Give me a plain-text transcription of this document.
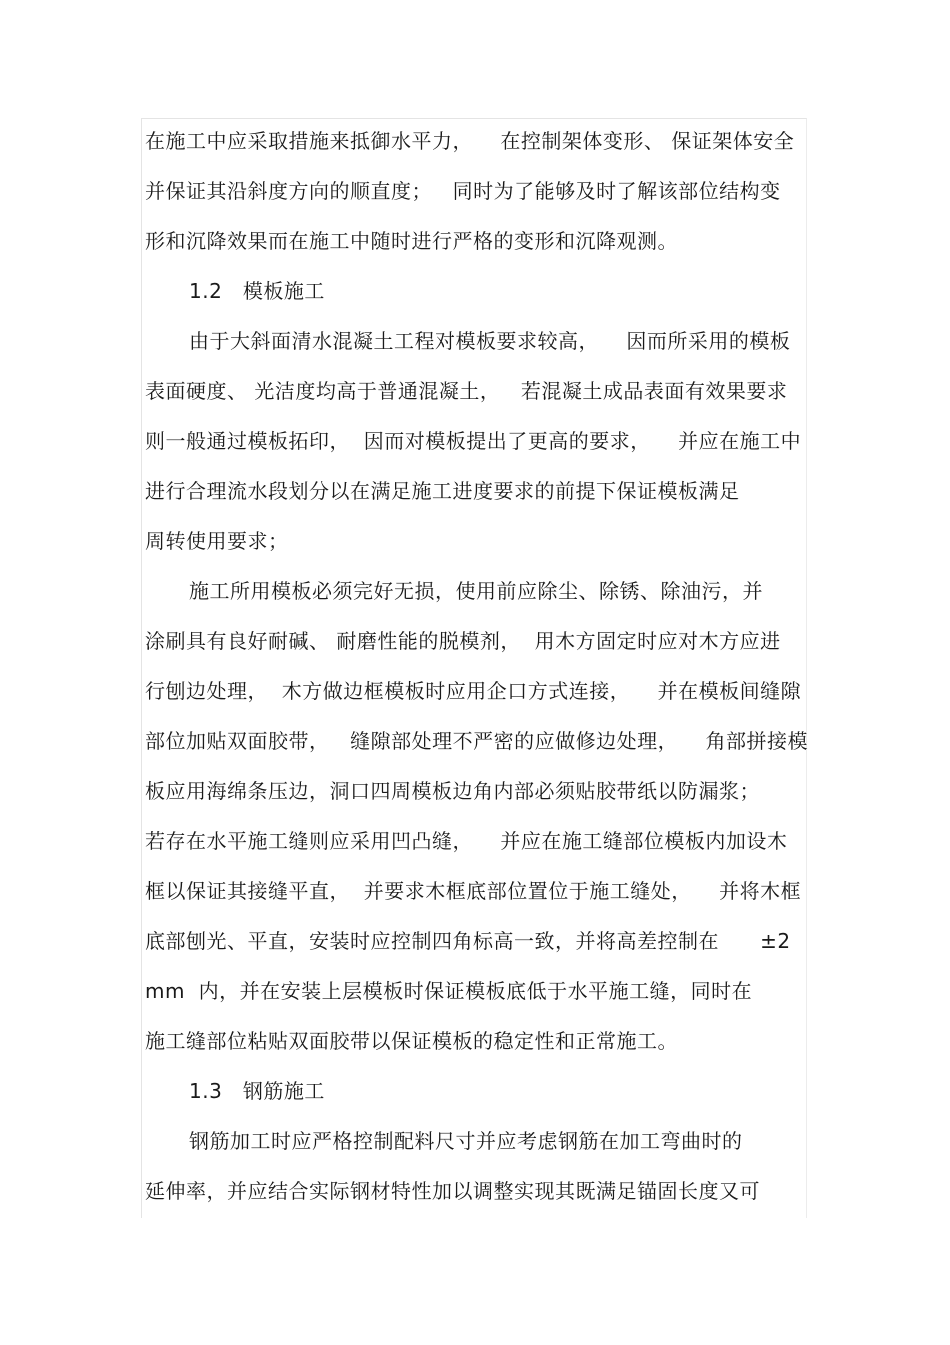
在施工中应采取措施来抵御水平力，    在控制架体变形、 保证架体安全
并保证其沿斜度方向的顺直度；   同时为了能够及时了解该部位结构变
形和沉降效果而在施工中随时进行严格的变形和沉降观测。
1.2   模板施工
由于大斜面清水混凝土工程对模板要求较高，    因而所采用的模板
表面硬度、 光洁度均高于普通混凝土，   若混凝土成品表面有效果要求
则一般通过模板拓印，  因而对模板提出了更高的要求，    并应在施工中
进行合理流水段划分以在满足施工进度要求的前提下保证模板满足
周转使用要求；
施工所用模板必须完好无损，使用前应除尘、除锈、除油污，并
涂刷具有良好耐碱、 耐磨性能的脱模剂，  用木方固定时应对木方应进
行刨边处理，  木方做边框模板时应用企口方式连接，    并在模板间缝隙
部位加贴双面胶带，   缝隙部处理不严密的应做修边处理，    角部拼接模
板应用海绵条压边，洞口四周模板边角内部必须贴胶带纸以防漏浆；
若存在水平施工缝则应采用凹凸缝，    并应在施工缝部位模板内加设木
框以保证其接缝平直，  并要求木框底部位置位于施工缝处，    并将木框
底部刨光、平直，安装时应控制四角标高一致，并将高差控制在      ±2
mm  内，并在安装上层模板时保证模板底低于水平施工缝，同时在
施工缝部位粘贴双面胶带以保证模板的稳定性和正常施工。
1.3   钢筋施工
钢筋加工时应严格控制配料尺寸并应考虑钢筋在加工弯曲时的
延伸率，并应结合实际钢材特性加以调整实现其既满足锚固长度又可
